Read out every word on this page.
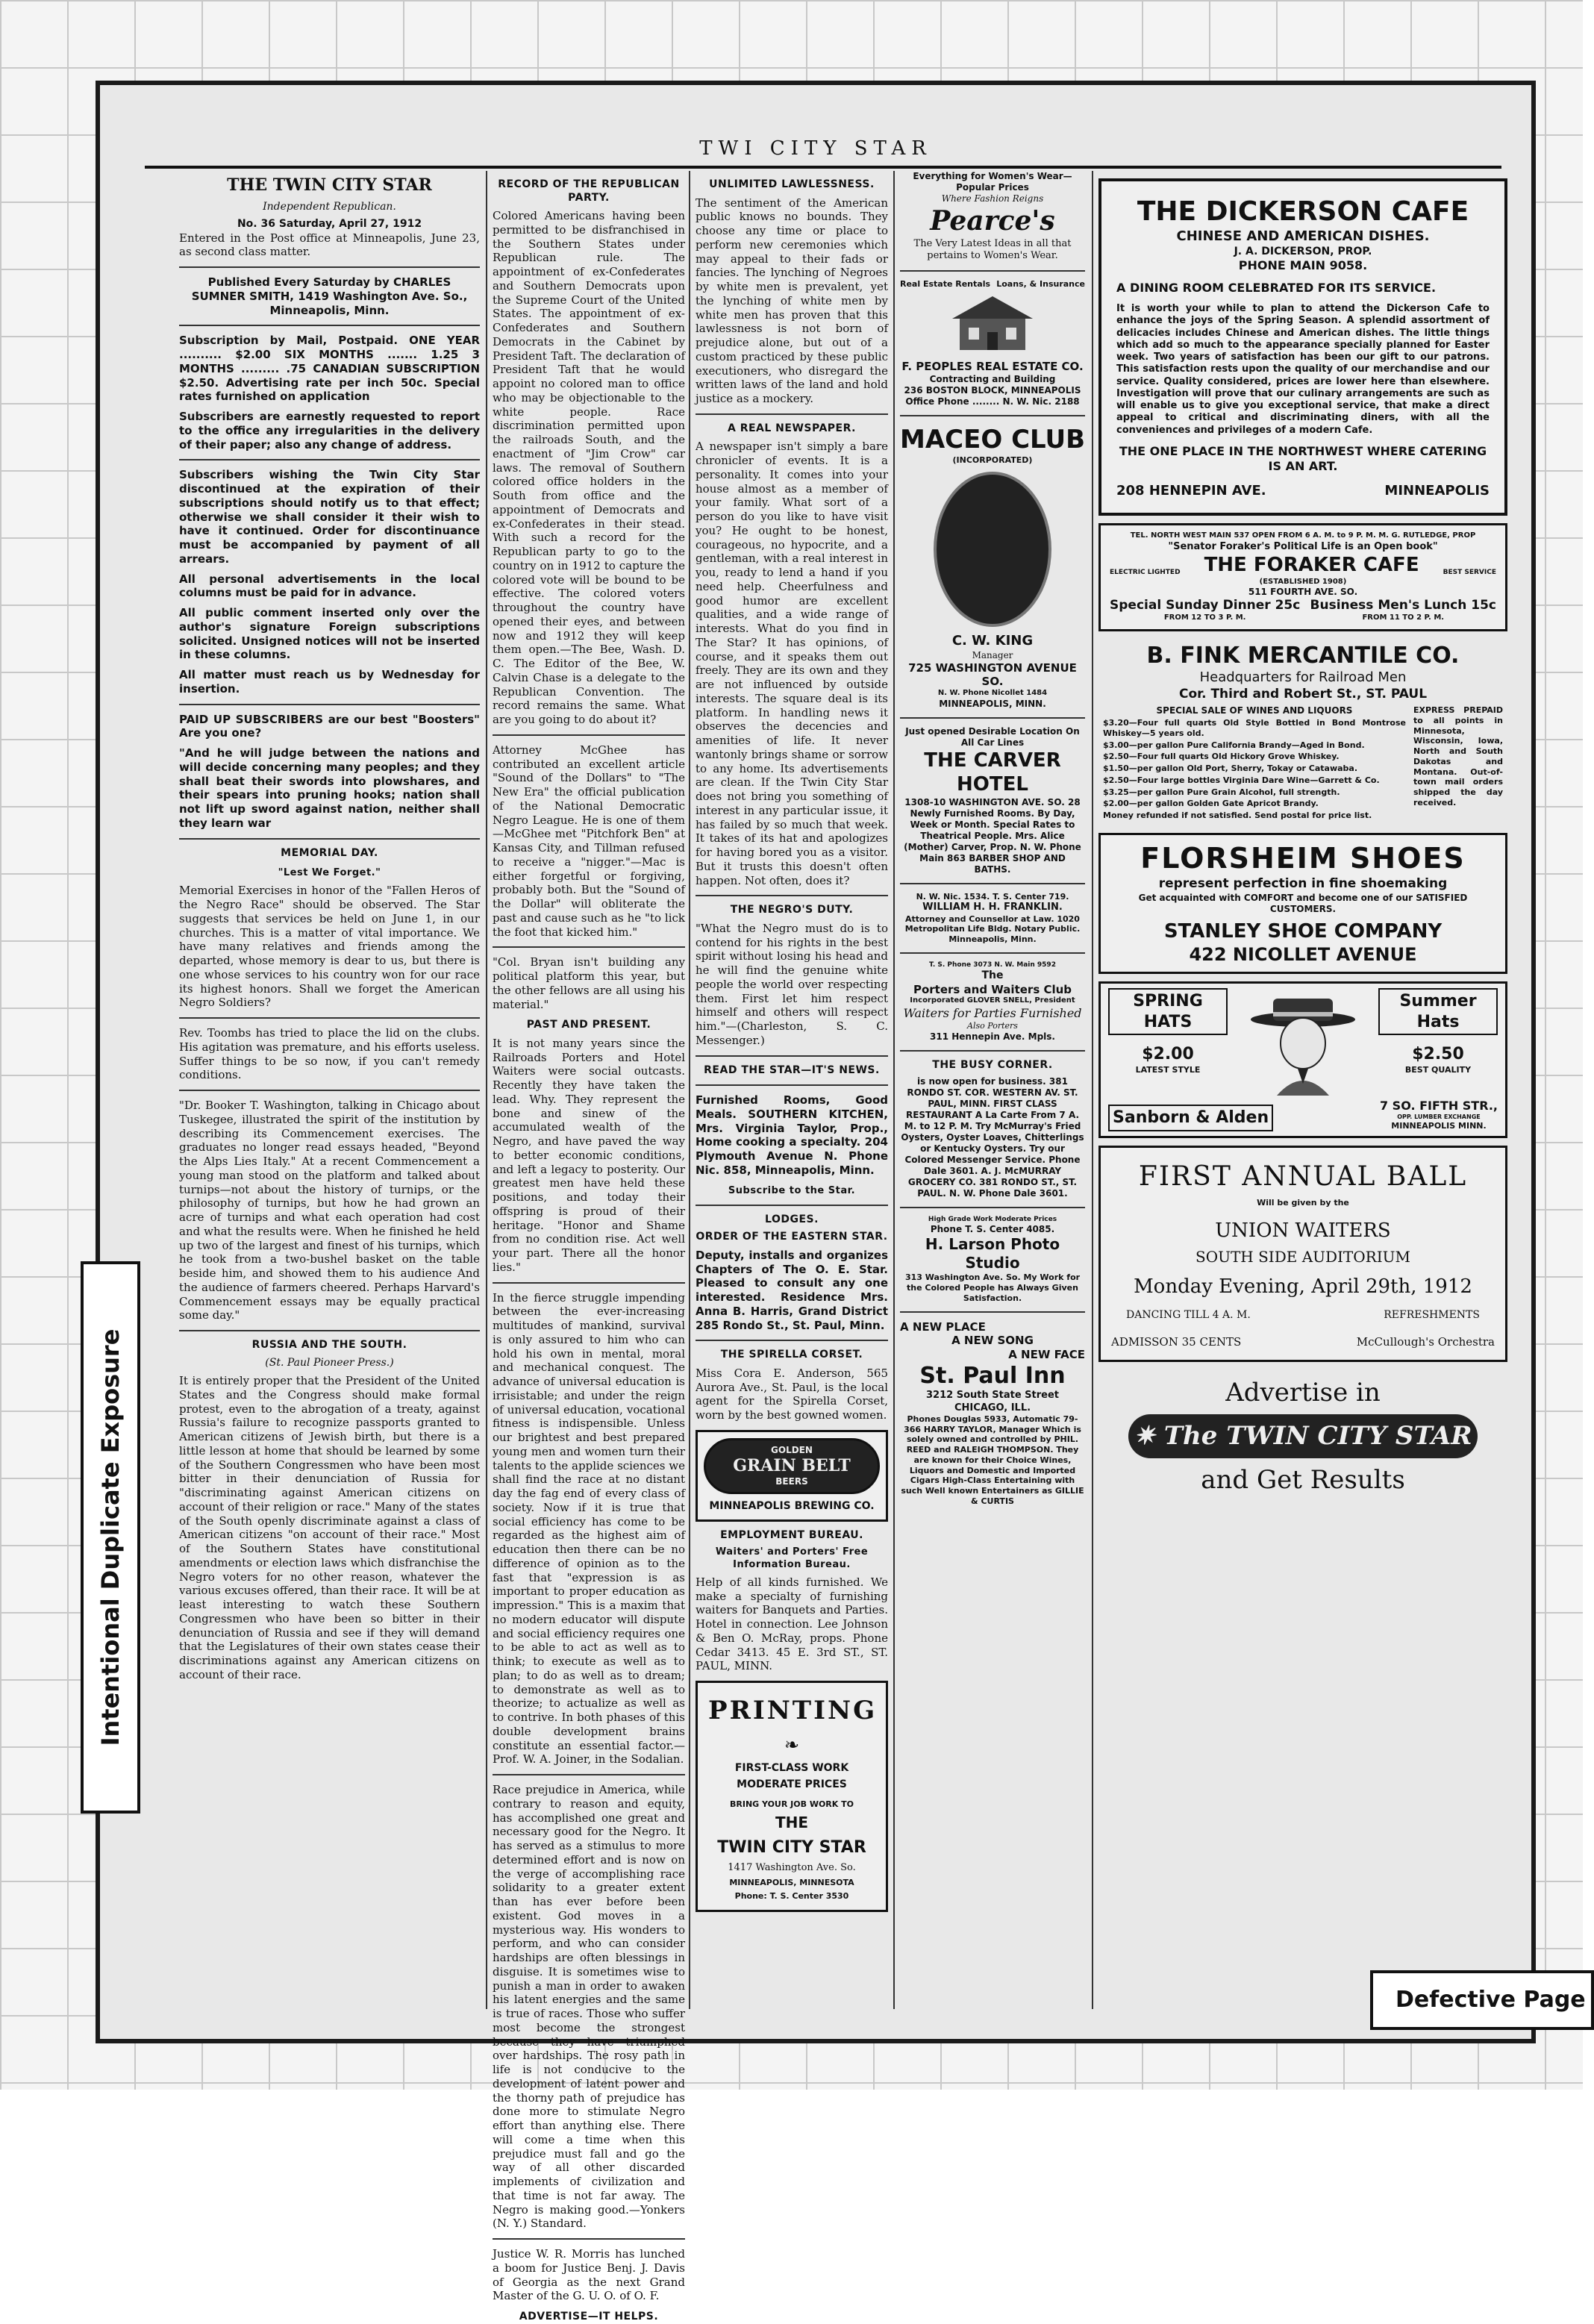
TWI CITY STAR
THE TWIN CITY STAR
Independent Republican.
No. 36 Saturday, April 27, 1912

Entered in the Post office at Minneapolis, June 23, as second class matter.

Published Every Saturday by CHARLES SUMNER SMITH, 1419 Washington Ave. So., Minneapolis, Minn.

Subscription by Mail, Postpaid. ONE YEAR .......... $2.00 SIX MONTHS ....... 1.25 3 MONTHS ......... .75 CANADIAN SUBSCRIPTION $2.50. Advertising rate per inch 50c. Special rates furnished on application

Subscribers are earnestly requested to report to the office any irregularities in the delivery of their paper; also any change of address.

Subscribers wishing the Twin City Star discontinued at the expiration of their subscriptions should notify us to that effect; otherwise we shall consider it their wish to have it continued. Order for discontinuance must be accompanied by payment of all arrears.

All personal advertisements in the local columns must be paid for in advance.

All public comment inserted only over the author's signature Foreign subscriptions solicited. Unsigned notices will not be inserted in these columns.

All matter must reach us by Wednesday for insertion.

PAID UP SUBSCRIBERS are our best "Boosters" Are you one?

"And he will judge between the nations and will decide concerning many peoples; and they shall beat their swords into plowshares, and their spears into pruning hooks; nation shall not lift up sword against nation, neither shall they learn war

MEMORIAL DAY.
"Lest We Forget."

Memorial Exercises in honor of the "Fallen Heros of the Negro Race" should be observed. The Star suggests that services be held on June 1, in our churches. This is a matter of vital importance. We have many relatives and friends among the departed, whose memory is dear to us, but there is one whose services to his country won for our race its highest honors. Shall we forget the American Negro Soldiers?

Rev. Toombs has tried to place the lid on the clubs. His agitation was premature, and his efforts useless. Suffer things to be so now, if you can't remedy conditions.

"Dr. Booker T. Washington, talking in Chicago about Tuskegee, illustrated the spirit of the institution by describing its Commencement exercises. The graduates no longer read essays headed, "Beyond the Alps Lies Italy." At a recent Commencement a young man stood on the platform and talked about turnips—not about the history of turnips, or the philosophy of turnips, but how he had grown an acre of turnips and what each operation had cost and what the results were. When he finished he held up two of the largest and finest of his turnips, which he took from a two-bushel basket on the table beside him, and showed them to his audience And the audience of farmers cheered. Perhaps Harvard's Commencement essays may be equally practical some day."

RUSSIA AND THE SOUTH.
(St. Paul Pioneer Press.)

It is entirely proper that the President of the United States and the Congress should make formal protest, even to the abrogation of a treaty, against Russia's failure to recognize passports granted to American citizens of Jewish birth, but there is a little lesson at home that should be learned by some of the Southern Congressmen who have been most bitter in their denunciation of Russia for "discriminating against American citizens on account of their religion or race." Many of the states of the South openly discriminate against a class of American citizens "on account of their race." Most of the Southern States have constitutional amendments or election laws which disfranchise the Negro voters for no other reason, whatever the various excuses offered, than their race. It will be at least interesting to watch these Southern Congressmen who have been so bitter in their denunciation of Russia and see if they will demand that the Legislatures of their own states cease their discriminations against any American citizens on account of their race.

RECORD OF THE REPUBLICAN PARTY.

Colored Americans having been permitted to be disfranchised in the Southern States under Republican rule. The appointment of ex-Confederates and Southern Democrats upon the Supreme Court of the United States. The appointment of ex-Confederates and Southern Democrats in the Cabinet by President Taft. The declaration of President Taft that he would appoint no colored man to office who may be objectionable to the white people. Race discrimination permitted upon the railroads South, and the enactment of "Jim Crow" car laws. The removal of Southern colored office holders in the South from office and the appointment of Democrats and ex-Confederates in their stead. With such a record for the Republican party to go to the country on in 1912 to capture the colored vote will be bound to be effective. The colored voters throughout the country have opened their eyes, and between now and 1912 they will keep them open.—The Bee, Wash. D. C. The Editor of the Bee, W. Calvin Chase is a delegate to the Republican Convention. The record remains the same. What are you going to do about it?

Attorney McGhee has contributed an excellent article "Sound of the Dollars" to "The New Era" the official publication of the National Democratic Negro League. He is one of them—McGhee met "Pitchfork Ben" at Kansas City, and Tillman refused to receive a "nigger."—Mac is either forgetful or forgiving, probably both. But the "Sound of the Dollar" will obliterate the past and cause such as he "to lick the foot that kicked him."

"Col. Bryan isn't building any political platform this year, but the other fellows are all using his material."

PAST AND PRESENT.

It is not many years since the Railroads Porters and Hotel Waiters were social outcasts. Recently they have taken the lead. Why. They represent the bone and sinew of the accumulated wealth of the Negro, and have paved the way to better economic conditions, and left a legacy to posterity. Our greatest men have held these positions, and today their offspring is proud of their heritage. "Honor and Shame from no condition rise. Act well your part. There all the honor lies."

In the fierce struggle impending between the ever-increasing multitudes of mankind, survival is only assured to him who can hold his own in mental, moral and mechanical conquest. The advance of universal education is irrisistable; and under the reign of universal education, vocational fitness is indispensible. Unless our brightest and best prepared young men and women turn their talents to the applide sciences we shall find the race at no distant day the fag end of every class of society. Now if it is true that social efficiency has come to be regarded as the highest aim of education then there can be no difference of opinion as to the fast that "expression is as important to proper education as impression." This is a maxim that no modern educator will dispute and social efficiency requires one to be able to act as well as to think; to execute as well as to plan; to do as well as to dream; to demonstrate as well as to theorize; to actualize as well as to contrive. In both phases of this double development brains constitute an essential factor.—Prof. W. A. Joiner, in the Sodalian.

Race prejudice in America, while contrary to reason and equity, has accomplished one great and necessary good for the Negro. It has served as a stimulus to more determined effort and is now on the verge of accomplishing race solidarity to a greater extent than has ever before been existent. God moves in a mysterious way. His wonders to perform, and who can consider hardships are often blessings in disguise. It is sometimes wise to punish a man in order to awaken his latent energies and the same is true of races. Those who suffer most become the strongest because they have triumphed over hardships. The rosy path in life is not conducive to the development of latent power and the thorny path of prejudice has done more to stimulate Negro effort than anything else. There will come a time when this prejudice must fall and go the way of all other discarded implements of civilization and that time is not far away. The Negro is making good.—Yonkers (N. Y.) Standard.

Justice W. R. Morris has lunched a boom for Justice Benj. J. Davis of Georgia as the next Grand Master of the G. U. O. of O. F.

ADVERTISE—IT HELPS.
UNLIMITED LAWLESSNESS.

The sentiment of the American public knows no bounds. They choose any time or place to perform new ceremonies which may appeal to their fads or fancies. The lynching of Negroes by white men is prevalent, yet the lynching of white men by white men has proven that this lawlessness is not born of prejudice alone, but out of a custom practiced by these public executioners, who disregard the written laws of the land and hold justice as a mockery.

A REAL NEWSPAPER.

A newspaper isn't simply a bare chronicler of events. It is a personality. It comes into your house almost as a member of your family. What sort of a person do you like to have visit you? He ought to be honest, courageous, no hypocrite, and a gentleman, with a real interest in you, ready to lend a hand if you need help. Cheerfulness and good humor are excellent qualities, and a wide range of interests. What do you find in The Star? It has opinions, of course, and it speaks them out freely. They are its own and they are not influenced by outside interests. The square deal is its platform. In handling news it observes the decencies and amenities of life. It never wantonly brings shame or sorrow to any home. Its advertisements are clean. If the Twin City Star does not bring you something of interest in any particular issue, it has failed by so much that week. It takes of its hat and apologizes for having bored you as a visitor. But it trusts this doesn't often happen. Not often, does it?

THE NEGRO'S DUTY.

"What the Negro must do is to contend for his rights in the best spirit without losing his head and he will find the genuine white people the world over respecting them. First let him respect himself and others will respect him."—(Charleston, S. C. Messenger.)

READ THE STAR—IT'S NEWS.

Furnished Rooms, Good Meals. SOUTHERN KITCHEN, Mrs. Virginia Taylor, Prop., Home cooking a specialty. 204 Plymouth Avenue N. Phone Nic. 858, Minneapolis, Minn.

Subscribe to the Star.
LODGES.
ORDER OF THE EASTERN STAR.

Deputy, installs and organizes Chapters of The O. E. Star. Pleased to consult any one interested. Residence Mrs. Anna B. Harris, Grand District 285 Rondo St., St. Paul, Minn.

THE SPIRELLA CORSET.

Miss Cora E. Anderson, 565 Aurora Ave., St. Paul, is the local agent for the Spirella Corset, worn by the best gowned women.

GOLDEN
GRAIN BELT
BEERS
MINNEAPOLIS BREWING CO.
EMPLOYMENT BUREAU.
Waiters' and Porters' Free Information Bureau.

Help of all kinds furnished. We make a specialty of furnishing waiters for Banquets and Parties. Hotel in connection. Lee Johnson & Ben O. McRay, props. Phone Cedar 3413. 45 E. 3rd ST., ST. PAUL, MINN.

PRINTING
❧
FIRST-CLASS WORK
MODERATE PRICES
BRING YOUR JOB WORK TO
THE
TWIN CITY STAR
1417 Washington Ave. So.
MINNEAPOLIS, MINNESOTA
Phone: T. S. Center 3530
Everything for Women's Wear—Popular Prices
Where Fashion Reigns
Pearce's
The Very Latest Ideas in all that pertains to Women's Wear.
Real Estate Rentals Loans, & Insurance
F. PEOPLES REAL ESTATE CO.
Contracting and Building
236 BOSTON BLOCK, MINNEAPOLIS
Office Phone ........ N. W. Nic. 2188
MACEO CLUB
(INCORPORATED)
C. W. KING
Manager
725 WASHINGTON AVENUE SO.
N. W. Phone Nicollet 1484
MINNEAPOLIS, MINN.
Just opened Desirable Location On All Car Lines
THE CARVER HOTEL
1308-10 WASHINGTON AVE. SO. 28 Newly Furnished Rooms. By Day, Week or Month. Special Rates to Theatrical People. Mrs. Alice (Mother) Carver, Prop. N. W. Phone Main 863 BARBER SHOP AND BATHS.
N. W. Nic. 1534. T. S. Center 719.
WILLIAM H. H. FRANKLIN.
Attorney and Counsellor at Law. 1020 Metropolitan Life Bldg. Notary Public. Minneapolis, Minn.
T. S. Phone 3073 N. W. Main 9592
The
Porters and Waiters Club
Incorporated GLOVER SNELL, President
Waiters for Parties Furnished
Also Porters
311 Hennepin Ave. Mpls.
THE BUSY CORNER.
is now open for business. 381 RONDO ST. COR. WESTERN AV. ST. PAUL, MINN. FIRST CLASS RESTAURANT A La Carte From 7 A. M. to 12 P. M. Try McMurray's Fried Oysters, Oyster Loaves, Chitterlings or Kentucky Oysters. Try our Colored Messenger Service. Phone Dale 3601. A. J. McMURRAY GROCERY CO. 381 RONDO ST., ST. PAUL. N. W. Phone Dale 3601.
High Grade Work Moderate Prices
Phone T. S. Center 4085.
H. Larson Photo Studio
313 Washington Ave. So. My Work for the Colored People has Always Given Satisfaction.
A NEW PLACE
A NEW SONG
A NEW FACE
St. Paul Inn
3212 South State Street CHICAGO, ILL.
Phones Douglas 5933, Automatic 79-366 HARRY TAYLOR, Manager Which is solely owned and controlled by PHIL. REED and RALEIGH THOMPSON. They are known for their Choice Wines, Liquors and Domestic and Imported Cigars High-Class Entertaining with such Well known Entertainers as GILLIE & CURTIS
THE DICKERSON CAFE
CHINESE AND AMERICAN DISHES.
J. A. DICKERSON, PROP.
PHONE MAIN 9058.
A DINING ROOM CELEBRATED FOR ITS SERVICE.

It is worth your while to plan to attend the Dickerson Cafe to enhance the joys of the Spring Season. A splendid assortment of delicacies includes Chinese and American dishes. The little things which add so much to the appearance specially planned for Easter week. Two years of satisfaction has been our gift to our patrons. This satisfaction rests upon the quality of our merchandise and our service. Quality considered, prices are lower here than elsewhere. Investigation will prove that our culinary arrangements are such as will enable us to give you exceptional service, that make a direct appeal to critical and discriminating diners, with all the conveniences and privileges of a modern Cafe.

THE ONE PLACE IN THE NORTHWEST WHERE CATERING IS AN ART.
208 HENNEPIN AVE.	MINNEAPOLIS
TEL. NORTH WEST MAIN 537 OPEN FROM 6 A. M. to 9 P. M. M. G. RUTLEDGE, PROP
"Senator Foraker's Political Life is an Open book"
ELECTRIC LIGHTED THE FORAKER CAFE	BEST SERVICE
(ESTABLISHED 1908)
511 FOURTH AVE. SO.
Special Sunday Dinner 25c
FROM 12 TO 3 P. M.
Business Men's Lunch 15c
FROM 11 TO 2 P. M.
B. FINK MERCANTILE CO.
Headquarters for Railroad Men
Cor. Third and Robert St., ST. PAUL
SPECIAL SALE OF WINES AND LIQUORS
$3.20—Four full quarts Old Style Bottled in Bond Montrose Whiskey—5 years old.
$3.00—per gallon Pure California Brandy—Aged in Bond.
$2.50—Four full quarts Old Hickory Grove Whiskey.
$1.50—per gallon Old Port, Sherry, Tokay or Catawaba.
$2.50—Four large bottles Virginia Dare Wine—Garrett & Co.
$3.25—per gallon Pure Grain Alcohol, full strength.
$2.00—per gallon Golden Gate Apricot Brandy.
Money refunded if not satisfied. Send postal for price list.
EXPRESS PREPAID to all points in Minnesota, Wisconsin, Iowa, North and South Dakotas and Montana. Out-of-town mail orders shipped the day received.
FLORSHEIM SHOES
represent perfection in fine shoemaking
Get acquainted with COMFORT and become one of our SATISFIED CUSTOMERS.
STANLEY SHOE COMPANY
422 NICOLLET AVENUE
SPRING HATS
$2.00
LATEST STYLE
Summer Hats
$2.50
BEST QUALITY
Sanborn & Alden
7 SO. FIFTH STR.,
OPP. LUMBER EXCHANGE
MINNEAPOLIS MINN.
FIRST ANNUAL BALL
Will be given by the
UNION WAITERS
SOUTH SIDE AUDITORIUM
Monday Evening, April 29th, 1912
DANCING TILL 4 A. M.	REFRESHMENTS
ADMISSON 35 CENTS	McCullough's Orchestra
Advertise in
✷ The TWIN CITY STAR
and Get Results
Intentional Duplicate Exposure
Defective Page
